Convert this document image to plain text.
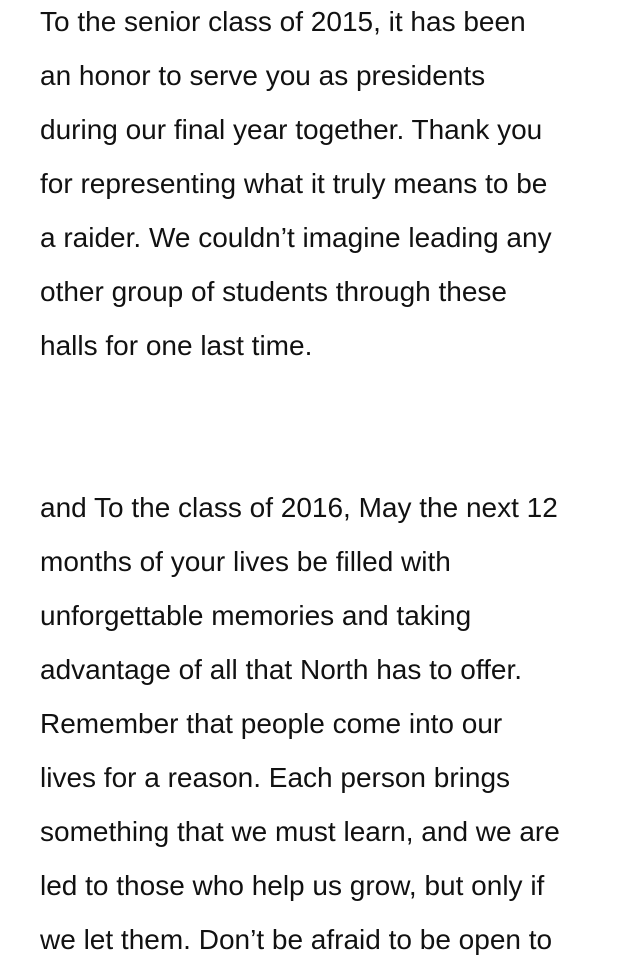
To the senior class of 2015, it has been
an honor to serve you as presidents
during our final year together. Thank you
for representing what it truly means to be
a raider. We couldn’t imagine leading any
other group of students through these
halls for one last time.
and To the class of 2016, May the next 12
months of your lives be filled with
unforgettable memories and taking
advantage of all that North has to offer.
Remember that people come into our
lives for a reason. Each person brings
something that we must learn, and we are
led to those who help us grow, but only if
we let them. Don’t be afraid to be open to
